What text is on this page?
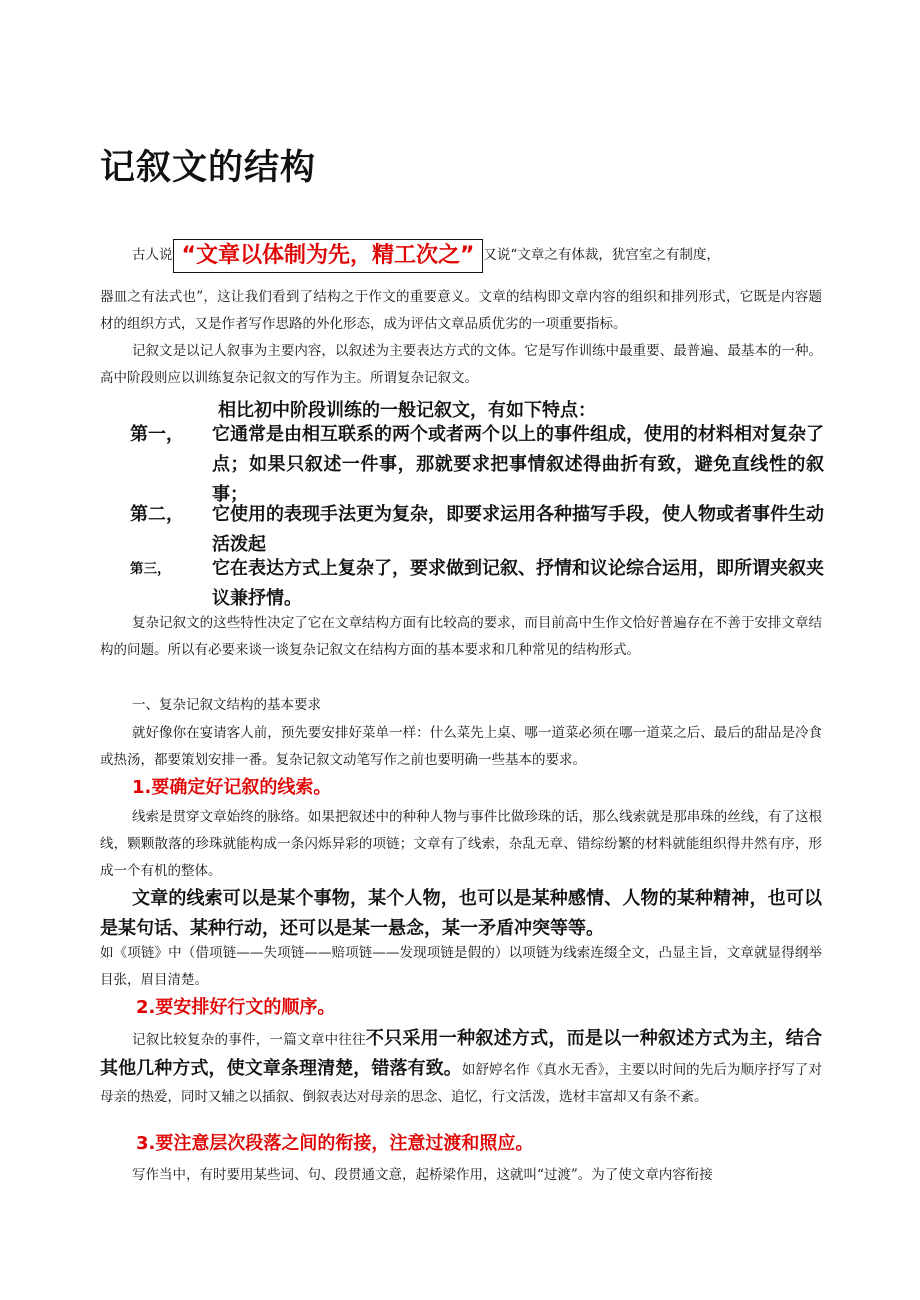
记叙文的结构
古人说 “文章以体制为先，精工次之” 又说“文章之有体裁，犹宫室之有制度，

器皿之有法式也”，这让我们看到了结构之于作文的重要意义。文章的结构即文章内容的组织和排列形式，它既是内容题材的组织方式，又是作者写作思路的外化形态，成为评估文章品质优劣的一项重要指标。

记叙文是以记人叙事为主要内容，以叙述为主要表达方式的文体。它是写作训练中最重要、最普遍、最基本的一种。高中阶段则应以训练复杂记叙文的写作为主。所谓复杂记叙文。

相比初中阶段训练的一般记叙文，有如下特点：
第一， 它通常是由相互联系的两个或者两个以上的事件组成，使用的材料相对复杂了点；如果只叙述一件事，那就要求把事情叙述得曲折有致，避免直线性的叙事；
第二， 它使用的表现手法更为复杂，即要求运用各种描写手段，使人物或者事件生动活泼起
第三， 它在表达方式上复杂了，要求做到记叙、抒情和议论综合运用，即所谓夹叙夹议兼抒情。

复杂记叙文的这些特性决定了它在文章结构方面有比较高的要求，而目前高中生作文恰好普遍存在不善于安排文章结构的问题。所以有必要来谈一谈复杂记叙文在结构方面的基本要求和几种常见的结构形式。

一、复杂记叙文结构的基本要求

就好像你在宴请客人前，预先要安排好菜单一样：什么菜先上桌、哪一道菜必须在哪一道菜之后、最后的甜品是冷食或热汤，都要策划安排一番。复杂记叙文动笔写作之前也要明确一些基本的要求。

1.要确定好记叙的线索。

线索是贯穿文章始终的脉络。如果把叙述中的种种人物与事件比做珍珠的话，那么线索就是那串珠的丝线，有了这根线，颗颗散落的珍珠就能构成一条闪烁异彩的项链；文章有了线索，杂乱无章、错综纷繁的材料就能组织得井然有序，形成一个有机的整体。

文章的线索可以是某个事物，某个人物，也可以是某种感情、人物的某种精神，也可以是某句话、某种行动，还可以是某一悬念，某一矛盾冲突等等。

如《项链》中（借项链——失项链——赔项链——发现项链是假的）以项链为线索连缀全文，凸显主旨，文章就显得纲举目张，眉目清楚。

2.要安排好行文的顺序。

记叙比较复杂的事件，一篇文章中往往不只采用一种叙述方式，而是以一种叙述方式为主，结合其他几种方式，使文章条理清楚，错落有致。如舒婷名作《真水无香》，主要以时间的先后为顺序抒写了对母亲的热爱，同时又辅之以插叙、倒叙表达对母亲的思念、追忆，行文活泼，选材丰富却又有条不紊。

3.要注意层次段落之间的衔接，注意过渡和照应。

写作当中，有时要用某些词、句、段贯通文意，起桥梁作用，这就叫“过渡”。为了使文章内容衔接
